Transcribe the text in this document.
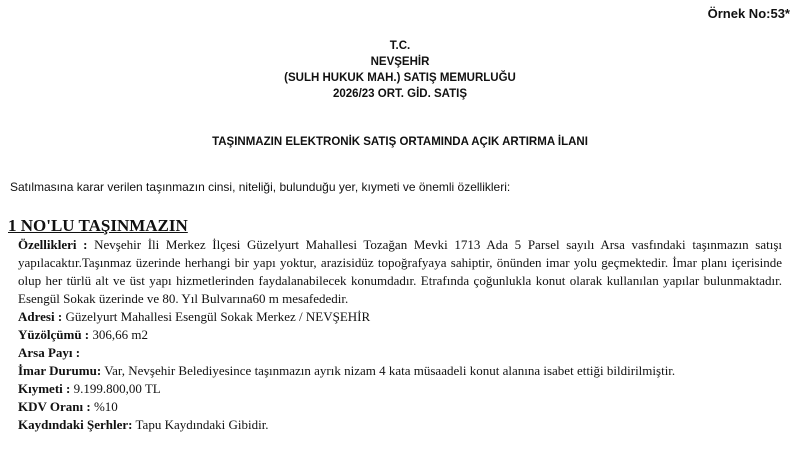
Örnek No:53*
T.C.
NEVŞEHİR
(SULH HUKUK MAH.) SATIŞ MEMURLUĞU
2026/23 ORT. GİD. SATIŞ
TAŞINMAZIN ELEKTRONİK SATIŞ ORTAMINDA AÇIK ARTIRMA İLANI
Satılmasına karar verilen taşınmazın cinsi, niteliği, bulunduğu yer, kıymeti ve önemli özellikleri:
1 NO'LU TAŞINMAZIN

Özellikleri : Nevşehir İli Merkez İlçesi Güzelyurt Mahallesi Tozağan Mevki 1713 Ada 5 Parsel sayılı Arsa vasfındaki taşınmazın satışı yapılacaktır.Taşınmaz üzerinde herhangi bir yapı yoktur, arazisidüz topoğrafyaya sahiptir, önünden imar yolu geçmektedir. İmar planı içerisinde olup her türlü alt ve üst yapı hizmetlerinden faydalanabilecek konumdadır. Etrafında çoğunlukla konut olarak kullanılan yapılar bulunmaktadır. Esengül Sokak üzerinde ve 80. Yıl Bulvarına60 m mesafededir.

Adresi : Güzelyurt Mahallesi Esengül Sokak Merkez / NEVŞEHİR

Yüzölçümü : 306,66 m2

Arsa Payı :

İmar Durumu: Var, Nevşehir Belediyesince taşınmazın ayrık nizam 4 kata müsaadeli konut alanına isabet ettiği bildirilmiştir.

Kıymeti : 9.199.800,00 TL

KDV Oranı : %10

Kaydındaki Şerhler: Tapu Kaydındaki Gibidir.
